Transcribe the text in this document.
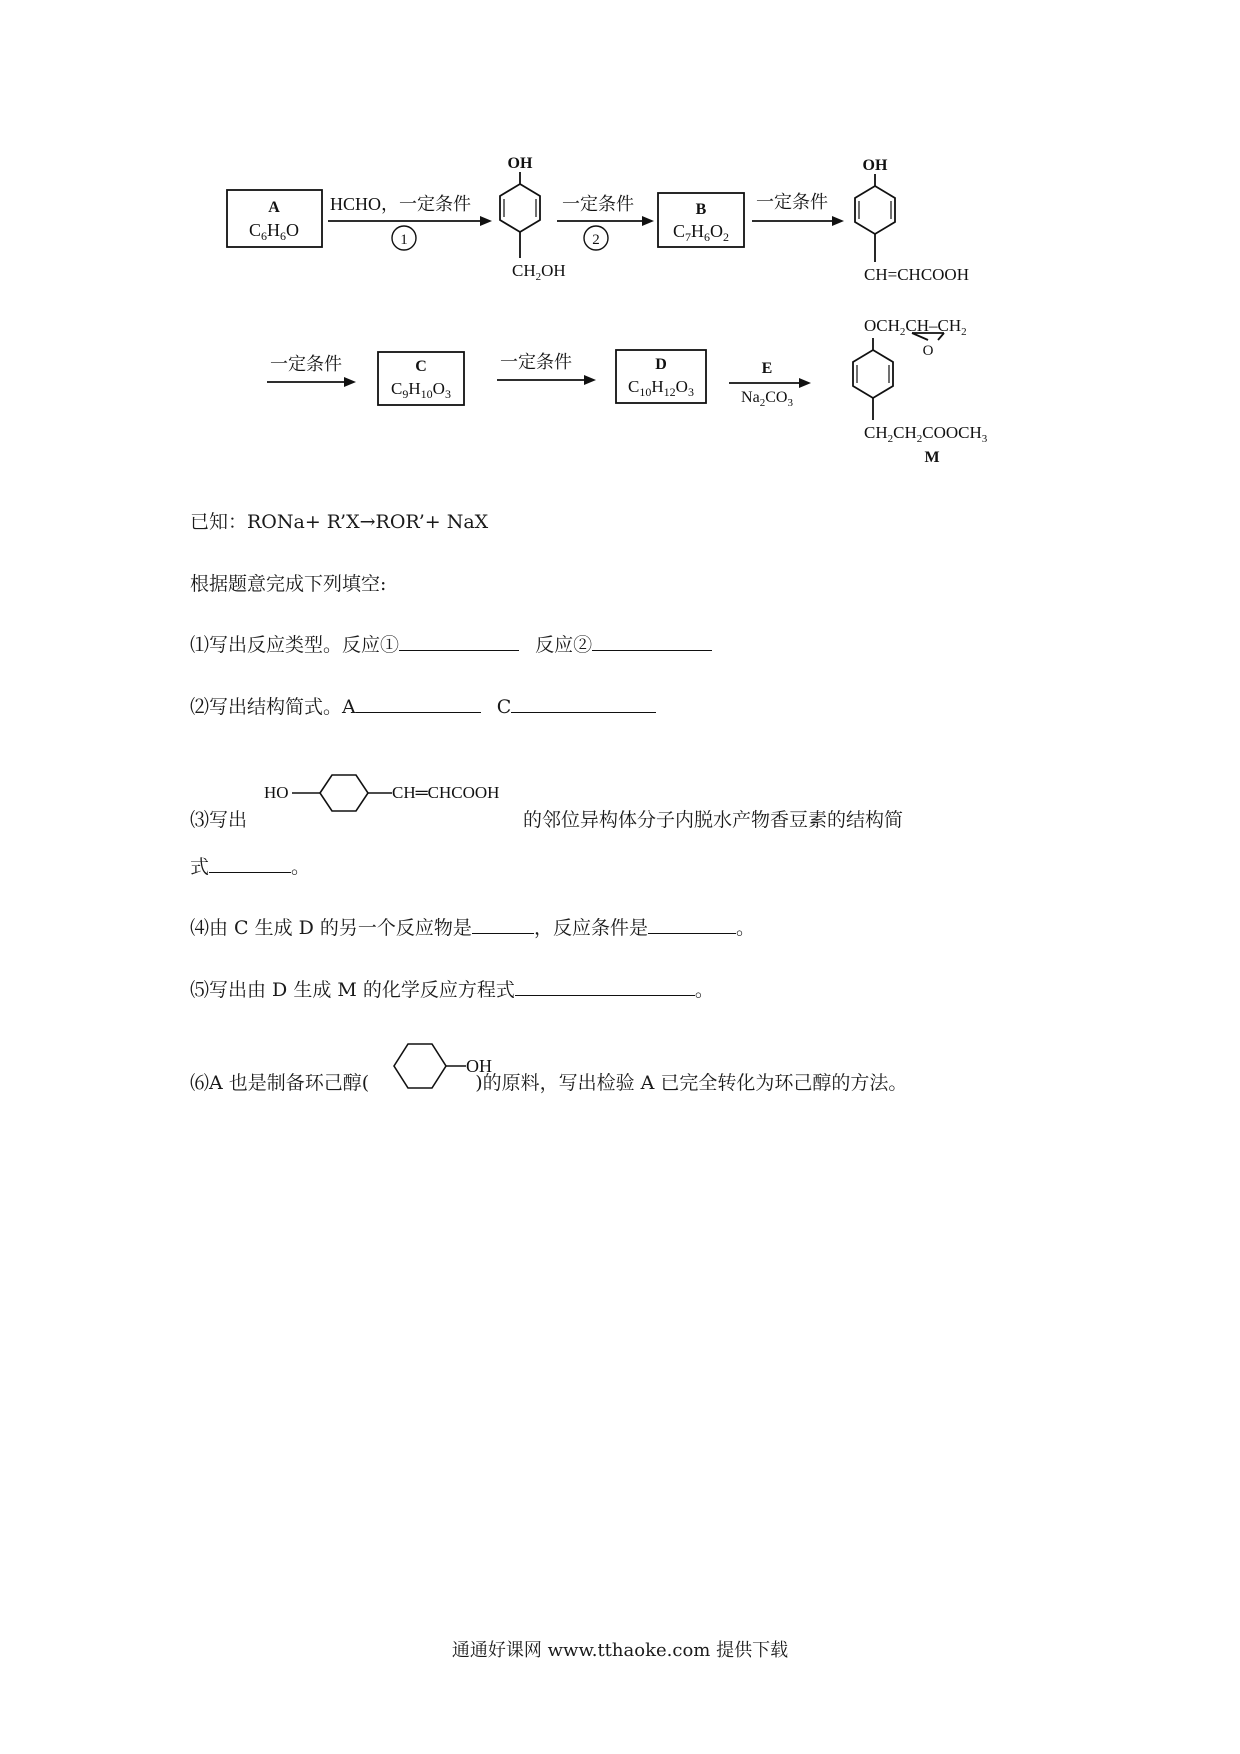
A
$C_6H_6O$
HCHO，一定条件
1
OH
$CH_2OH$
一定条件
2
B
$C_7H_6O_2$
一定条件
OH
CH=CHCOOH
一定条件	C
$C_9H_{10}O_3$
一定条件	D
$C_{10}H_{12}O_3$
E
$Na_2CO_3$
$OCH_2CH-CH_2$
O
$CH_2CH_2COOCH_3$
M
已知：RONa+ R’X→ROR’+ NaX
根据题意完成下列填空:
⑴写出反应类型。反应①	反应②
⑵写出结构简式。A	C
⑶写出
HO	CH═CHCOOH
的邻位异构体分子内脱水产物香豆素的结构简
式	。
⑷由 C 生成 D 的另一个反应物是	，反应条件是	。
⑸写出由 D 生成 M 的化学反应方程式	。
⑹A 也是制备环己醇(	)的原料，写出检验 A 已完全转化为环己醇的方法。
OH
通通好课网 www.tthaoke.com 提供下载
